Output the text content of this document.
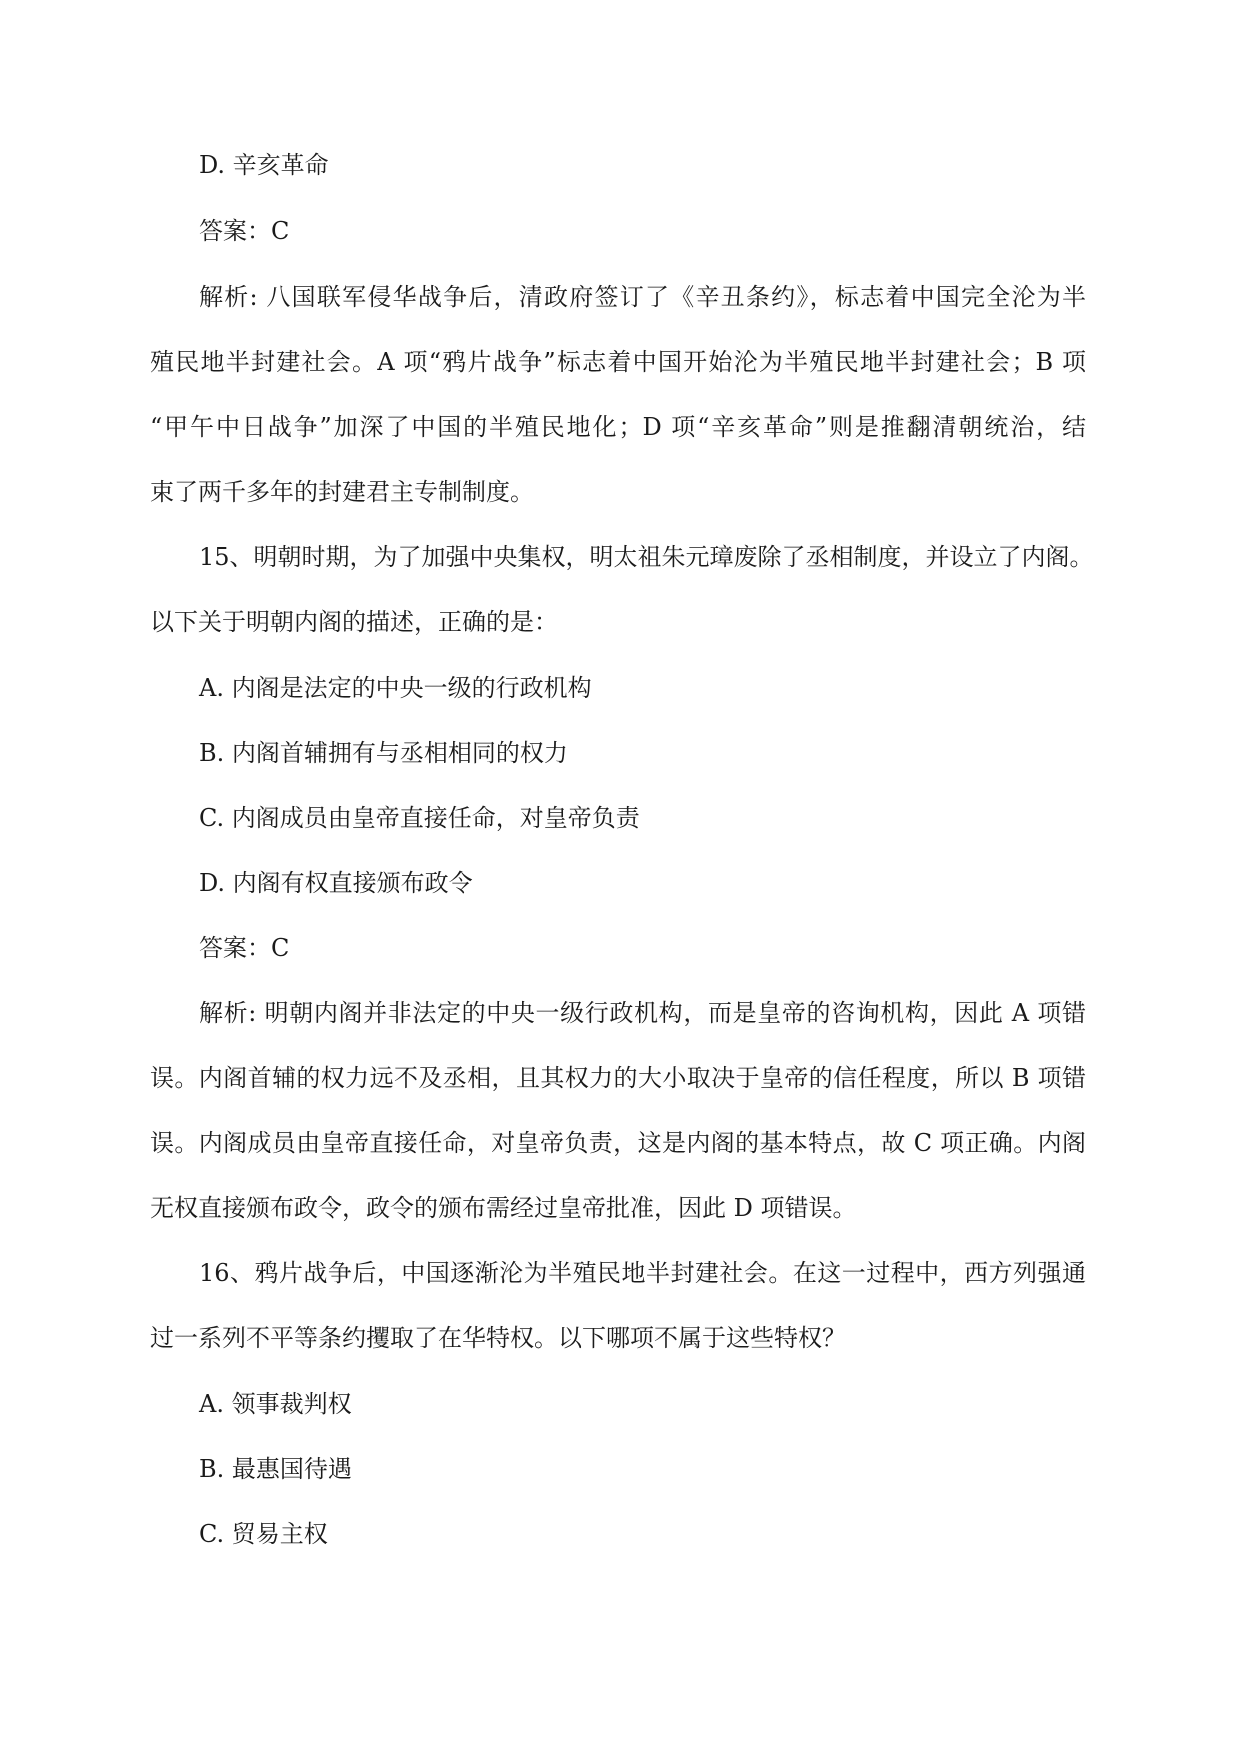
D. 辛亥革命
答案：C
解析: 八国联军侵华战争后，清政府签订了《辛丑条约》，标志着中国完全沦为半
殖民地半封建社会。A 项“鸦片战争”标志着中国开始沦为半殖民地半封建社会；B 项
“甲午中日战争”加深了中国的半殖民地化；D 项“辛亥革命”则是推翻清朝统治，结
束了两千多年的封建君主专制制度。
15、明朝时期，为了加强中央集权，明太祖朱元璋废除了丞相制度，并设立了内阁。
以下关于明朝内阁的描述，正确的是：
A. 内阁是法定的中央一级的行政机构
B. 内阁首辅拥有与丞相相同的权力
C. 内阁成员由皇帝直接任命，对皇帝负责
D. 内阁有权直接颁布政令
答案：C
解析: 明朝内阁并非法定的中央一级行政机构，而是皇帝的咨询机构，因此 A 项错
误。内阁首辅的权力远不及丞相，且其权力的大小取决于皇帝的信任程度，所以 B 项错
误。内阁成员由皇帝直接任命，对皇帝负责，这是内阁的基本特点，故 C 项正确。内阁
无权直接颁布政令，政令的颁布需经过皇帝批准，因此 D 项错误。
16、鸦片战争后，中国逐渐沦为半殖民地半封建社会。在这一过程中，西方列强通
过一系列不平等条约攫取了在华特权。以下哪项不属于这些特权？
A. 领事裁判权
B. 最惠国待遇
C. 贸易主权
